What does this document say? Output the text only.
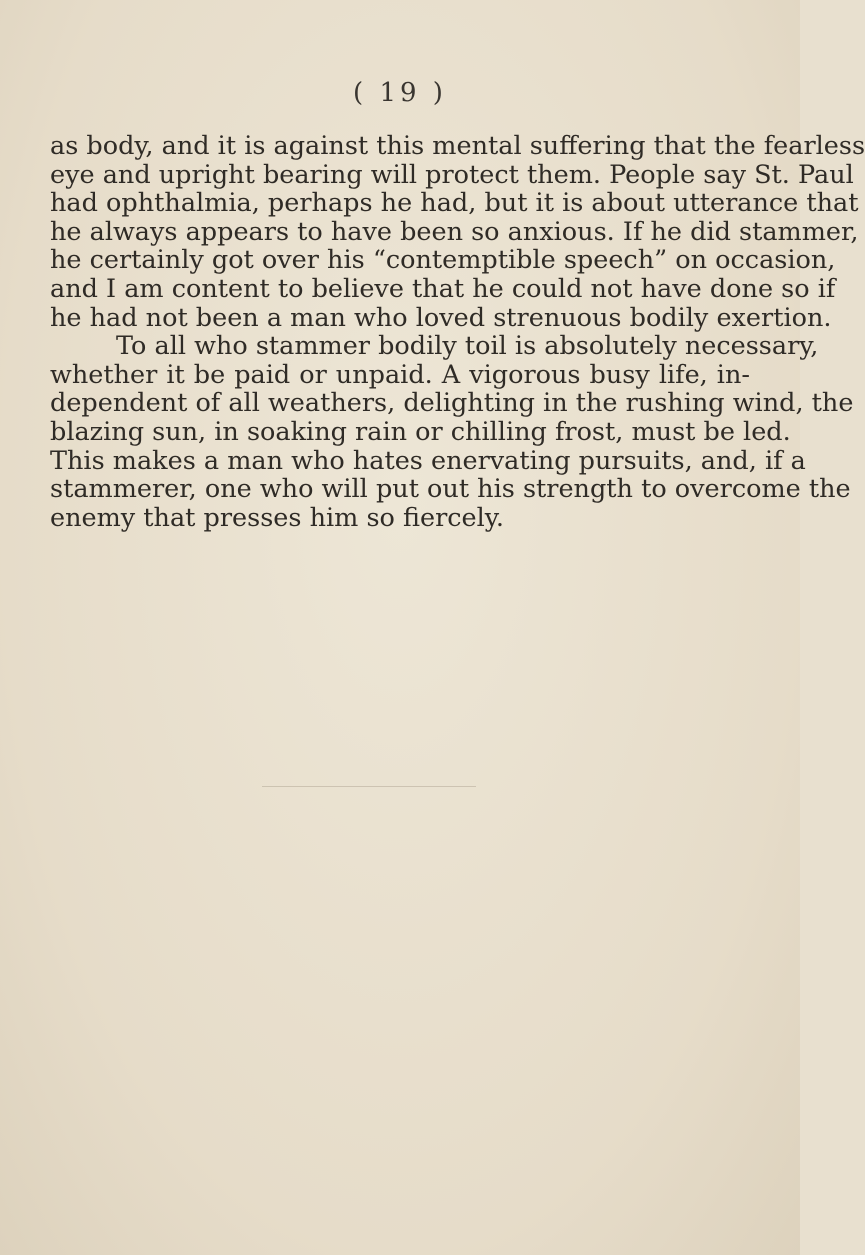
( 19 )
as body, and it is against this mental suffering that the fearless
eye and upright bearing will protect them. People say St. Paul
had ophthalmia, perhaps he had, but it is about utterance that
he always appears to have been so anxious. If he did stammer,
he certainly got over his “contemptible speech” on occasion,
and I am content to believe that he could not have done so if
he had not been a man who loved strenuous bodily exertion.
To all who stammer bodily toil is absolutely necessary,
whether it be paid or unpaid. A vigorous busy life, in-
dependent of all weathers, delighting in the rushing wind, the
blazing sun, in soaking rain or chilling frost, must be led.
This makes a man who hates enervating pursuits, and, if a
stammerer, one who will put out his strength to overcome the
enemy that presses him so fiercely.
